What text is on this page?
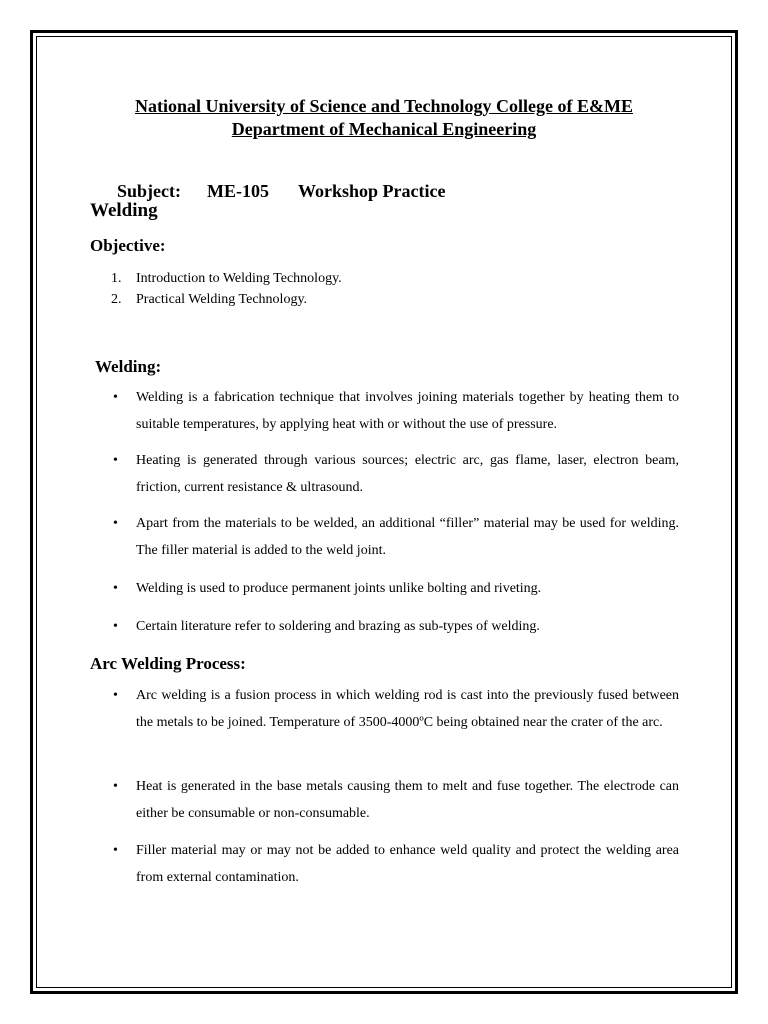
National University of Science and Technology College of E&ME
Department of Mechanical Engineering

Subject: ME-105 Workshop Practice

Welding
Objective:
1.	Introduction to Welding Technology.
2.	Practical Welding Technology.
Welding:
•	Welding is a fabrication technique that involves joining materials together by heating them to suitable temperatures, by applying heat with or without the use of pressure.
•	Heating is generated through various sources; electric arc, gas flame, laser, electron beam, friction, current resistance & ultrasound.
•	Apart from the materials to be welded, an additional “filler” material may be used for welding. The filler material is added to the weld joint.
•	Welding is used to produce permanent joints unlike bolting and riveting.
•	Certain literature refer to soldering and brazing as sub-types of welding.
Arc Welding Process:
•	Arc welding is a fusion process in which welding rod is cast into the previously fused between the metals to be joined. Temperature of 3500-4000ºC being obtained near the crater of the arc.
•	Heat is generated in the base metals causing them to melt and fuse together. The electrode can either be consumable or non-consumable.
•	Filler material may or may not be added to enhance weld quality and protect the welding area from external contamination.
